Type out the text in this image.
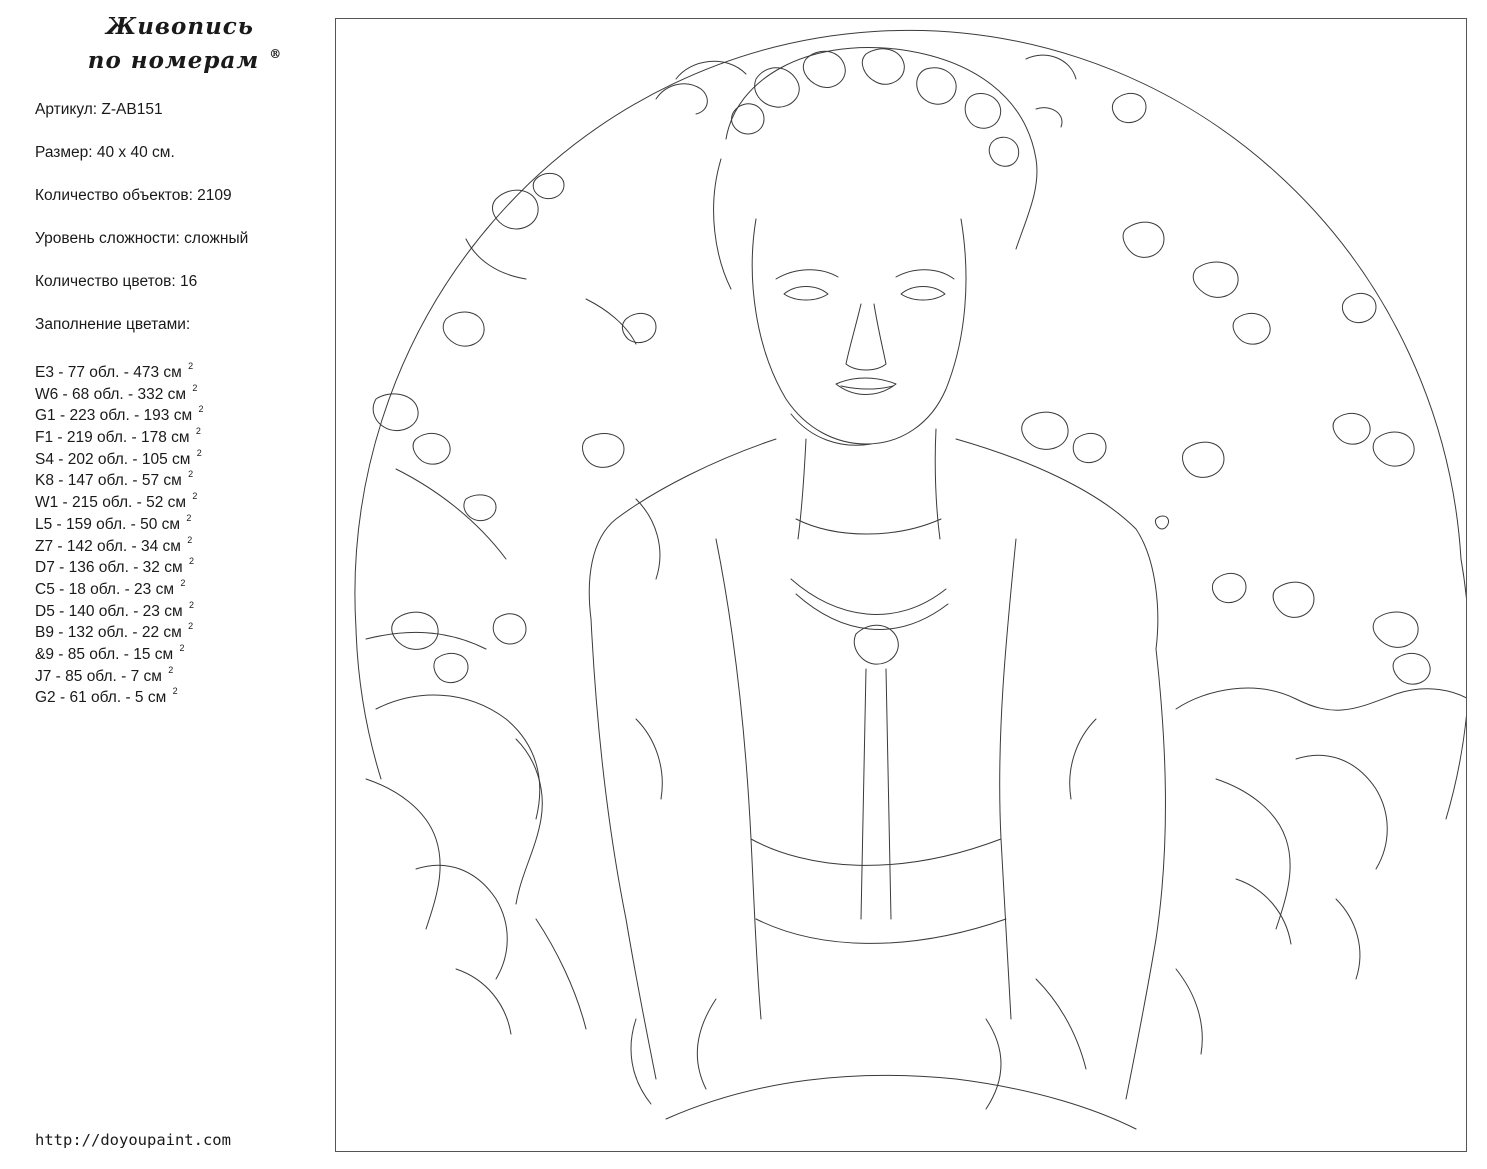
Живопись
по номерам ®
Артикул: Z-AB151
Размер: 40 х 40 см.
Количество объектов: 2109
Уровень сложности: сложный
Количество цветов: 16
Заполнение цветами:
E3 - 77 обл. - 473 см $^2$
W6 - 68 обл. - 332 см $^2$
G1 - 223 обл. - 193 см $^2$
F1 - 219 обл. - 178 см $^2$
S4 - 202 обл. - 105 см $^2$
K8 - 147 обл. - 57 см $^2$
W1 - 215 обл. - 52 см $^2$
L5 - 159 обл. - 50 см $^2$
Z7 - 142 обл. - 34 см $^2$
D7 - 136 обл. - 32 см $^2$
C5 - 18 обл. - 23 см $^2$
D5 - 140 обл. - 23 см $^2$
B9 - 132 обл. - 22 см $^2$
&9 - 85 обл. - 15 см $^2$
J7 - 85 обл. - 7 см $^2$
G2 - 61 обл. - 5 см $^2$
http://doyoupaint.com
